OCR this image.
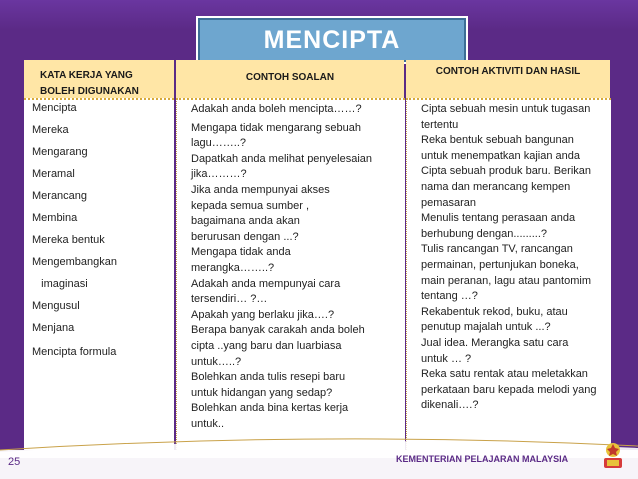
MENCIPTA
KATA KERJA YANG
BOLEH DIGUNAKAN
CONTOH SOALAN
CONTOH AKTIVITI DAN HASIL
Mencipta
Mereka
Mengarang
Meramal
Merancang
Membina
Mereka bentuk
Mengembangkan
imaginasi
Mengusul
Menjana
Mencipta formula
Adakah anda boleh mencipta……?

Mengapa tidak mengarang sebuah
lagu……..?
Dapatkah anda melihat penyelesaian
jika………?
Jika anda mempunyai akses
kepada semua sumber ,
bagaimana anda akan
berurusan dengan ...?
Mengapa tidak anda
merangka……..?
Adakah anda mempunyai cara
tersendiri… ?…
Apakah yang berlaku jika….?
Berapa banyak carakah anda boleh
cipta ..yang baru dan luarbiasa
untuk…..?
Bolehkan anda tulis resepi baru
untuk hidangan yang sedap?
Bolehkan anda bina kertas kerja
untuk..
Cipta sebuah mesin untuk tugasan
tertentu
Reka bentuk sebuah bangunan
untuk menempatkan kajian anda
Cipta sebuah produk baru. Berikan
nama dan merancang kempen
pemasaran
Menulis tentang perasaan anda
berhubung dengan.........?
Tulis rancangan TV, rancangan
permainan, pertunjukan boneka,
main peranan, lagu atau pantomim
tentang …?
Rekabentuk rekod, buku, atau
penutup majalah untuk ...?
Jual idea. Merangka satu cara
untuk … ?
Reka satu rentak atau meletakkan
perkataan baru kepada melodi yang
dikenali….?
25	KEMENTERIAN PELAJARAN MALAYSIA
